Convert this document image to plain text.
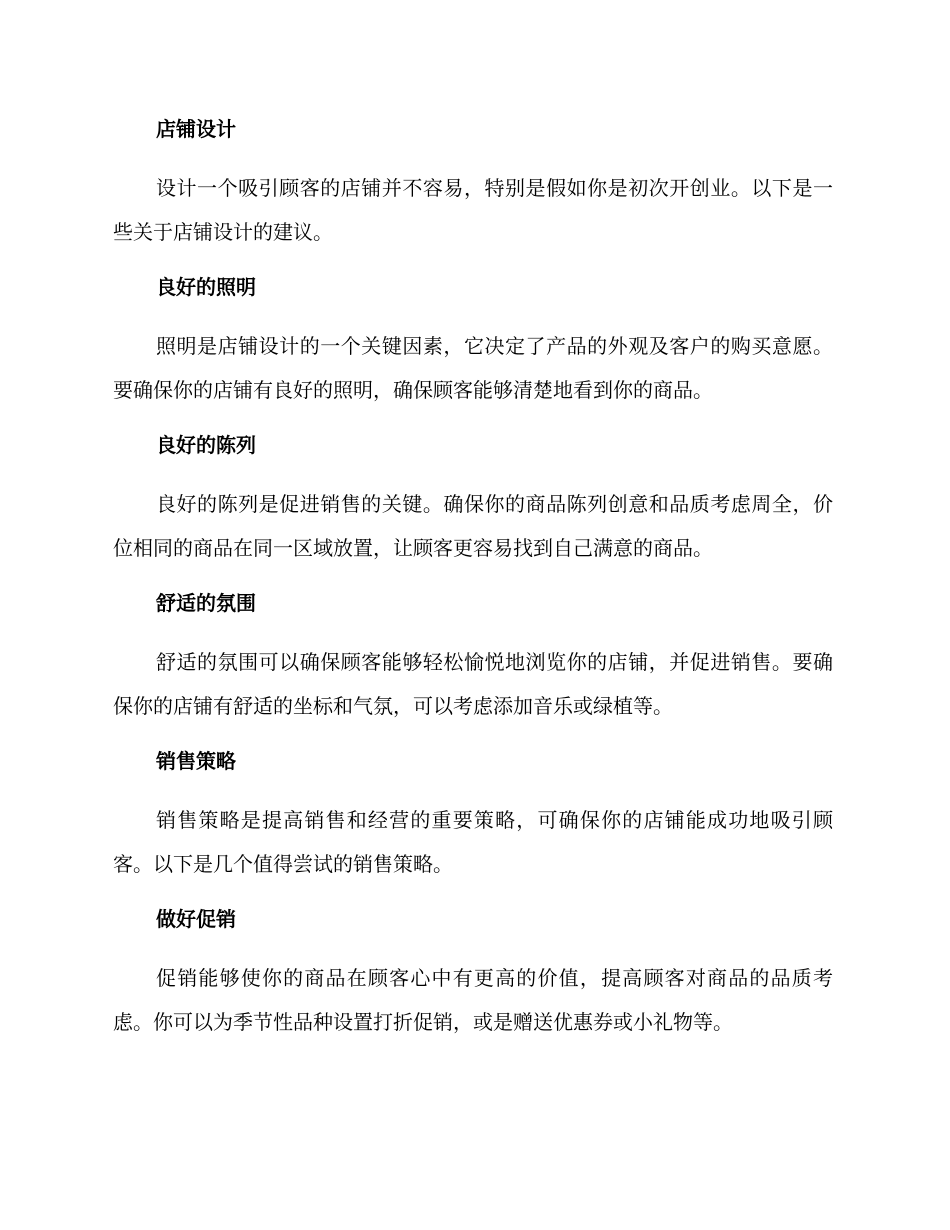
店铺设计
设计一个吸引顾客的店铺并不容易，特别是假如你是初次开创业。以下是一些关于店铺设计的建议。
良好的照明
照明是店铺设计的一个关键因素，它决定了产品的外观及客户的购买意愿。要确保你的店铺有良好的照明，确保顾客能够清楚地看到你的商品。
良好的陈列
良好的陈列是促进销售的关键。确保你的商品陈列创意和品质考虑周全，价位相同的商品在同一区域放置，让顾客更容易找到自己满意的商品。
舒适的氛围
舒适的氛围可以确保顾客能够轻松愉悦地浏览你的店铺，并促进销售。要确保你的店铺有舒适的坐标和气氛，可以考虑添加音乐或绿植等。
销售策略
销售策略是提高销售和经营的重要策略，可确保你的店铺能成功地吸引顾客。以下是几个值得尝试的销售策略。
做好促销
促销能够使你的商品在顾客心中有更高的价值，提高顾客对商品的品质考虑。你可以为季节性品种设置打折促销，或是赠送优惠券或小礼物等。
